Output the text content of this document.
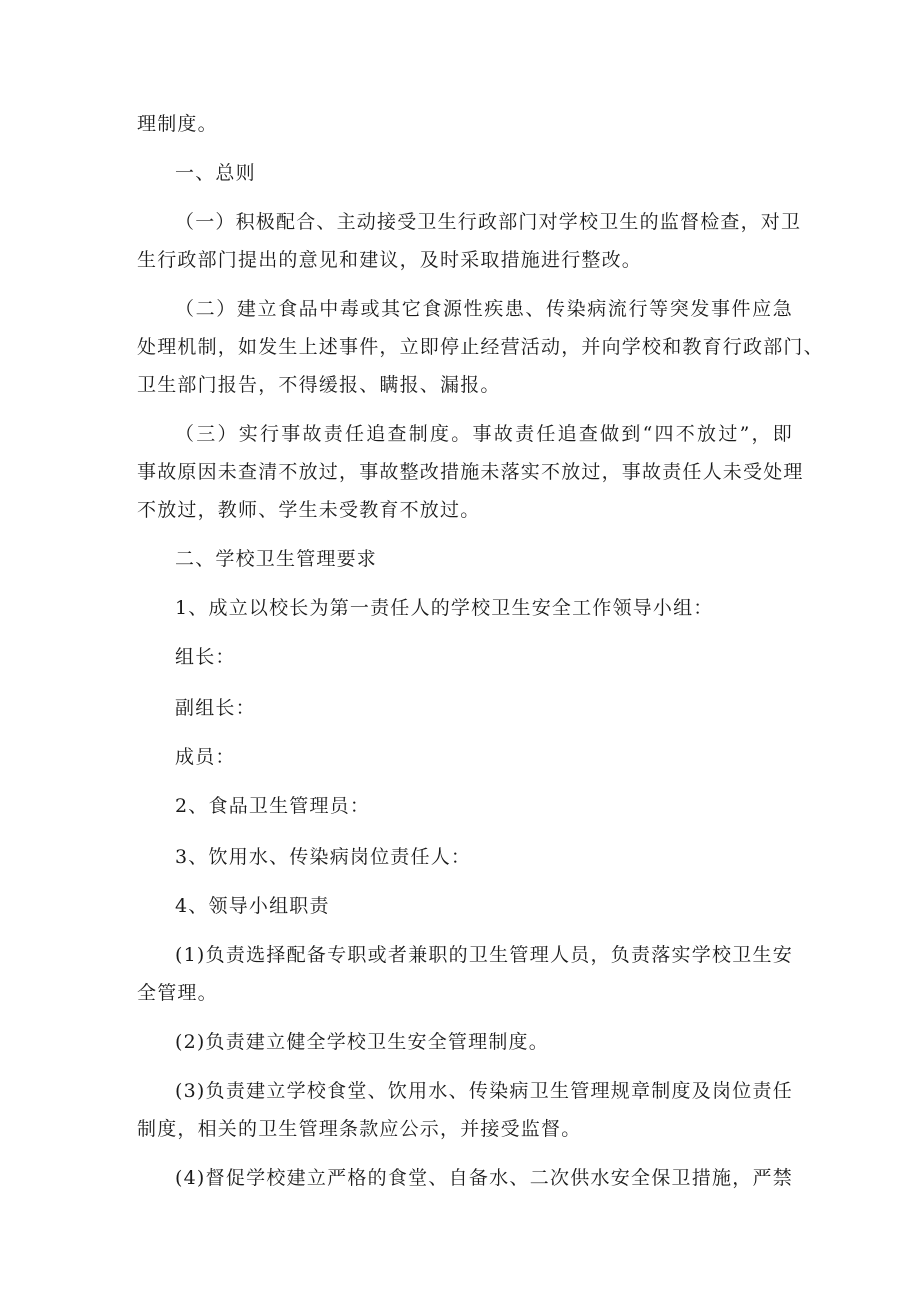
理制度。
一、总则
（一）积极配合、主动接受卫生行政部门对学校卫生的监督检查，对卫
生行政部门提出的意见和建议，及时采取措施进行整改。
（二）建立食品中毒或其它食源性疾患、传染病流行等突发事件应急
处理机制，如发生上述事件，立即停止经营活动，并向学校和教育行政部门、
卫生部门报告，不得缓报、瞒报、漏报。
（三）实行事故责任追查制度。事故责任追查做到“四不放过”，即
事故原因未查清不放过，事故整改措施未落实不放过，事故责任人未受处理
不放过，教师、学生未受教育不放过。
二、学校卫生管理要求
1、成立以校长为第一责任人的学校卫生安全工作领导小组：
组长：
副组长：
成员：
2、食品卫生管理员：
3、饮用水、传染病岗位责任人：
4、领导小组职责
(1)负责选择配备专职或者兼职的卫生管理人员，负责落实学校卫生安
全管理。
(2)负责建立健全学校卫生安全管理制度。
(3)负责建立学校食堂、饮用水、传染病卫生管理规章制度及岗位责任
制度，相关的卫生管理条款应公示，并接受监督。
(4)督促学校建立严格的食堂、自备水、二次供水安全保卫措施，严禁
